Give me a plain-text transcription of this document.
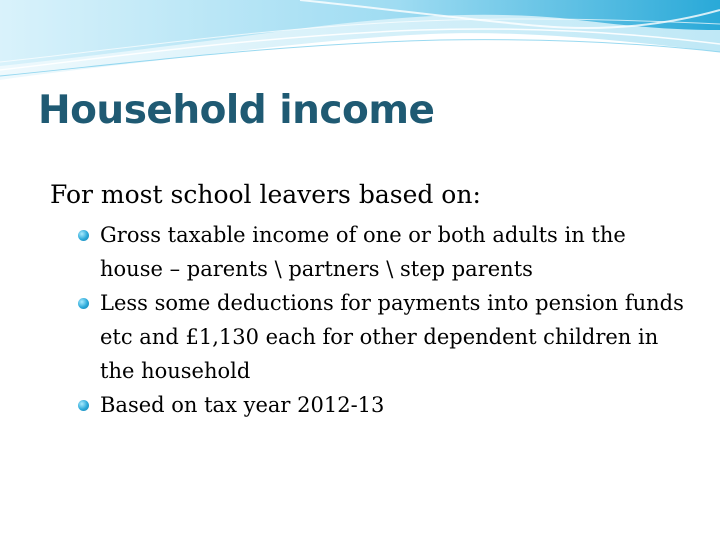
Household income

For most school leavers based on:

Gross taxable income of one or both adults in the house – parents \ partners \ step parents
Less some deductions for payments into pension funds etc and £1,130 each for other dependent children in the household
Based on tax year 2012-13
